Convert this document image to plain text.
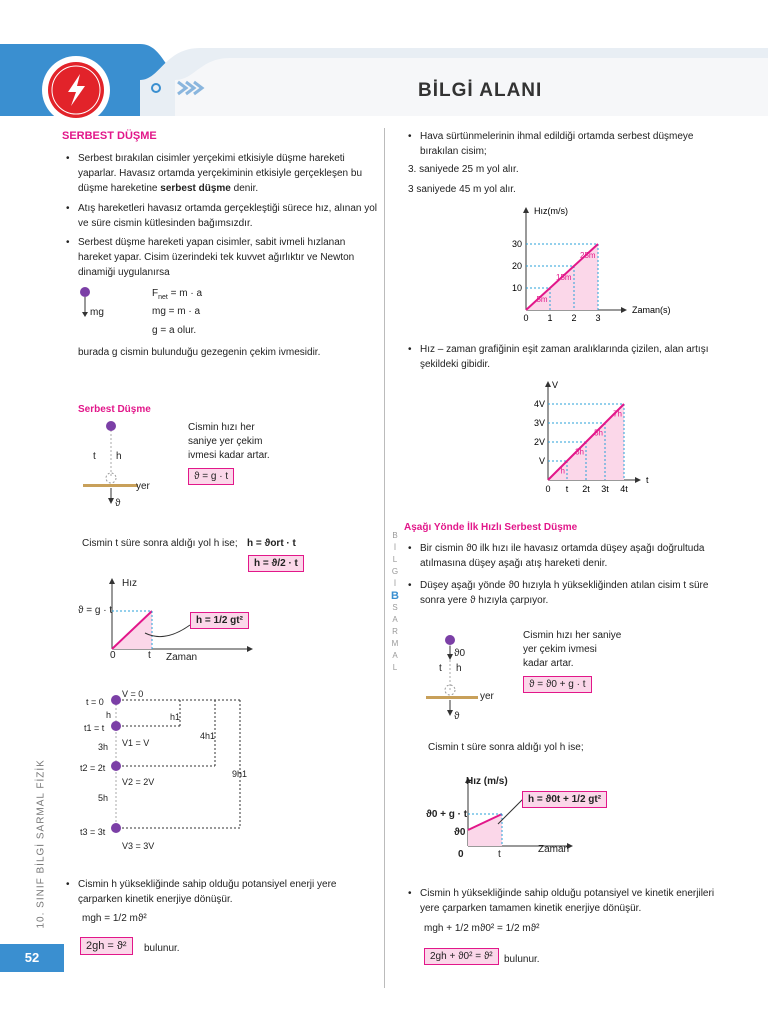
BİLGİ ALANI
SERBEST DÜŞME
• Serbest bırakılan cisimler yerçekimi etkisiyle düşme hareketi yaparlar. Havasız ortamda yerçekiminin etkisiyle gerçekleşen bu düşme hareketine serbest düşme denir.
• Atış hareketleri havasız ortamda gerçekleştiği sürece hız, alınan yol ve süre cismin kütlesinden bağımsızdır.
• Serbest düşme hareketi yapan cisimler, sabit ivmeli hızlanan hareket yapar. Cisim üzerindeki tek kuvvet ağırlıktır ve Newton dinamiği uygulanırsa
mg
$F_{net} = m \cdot a$
mg = m · a
g = a olur.
burada g cismin bulunduğu gezegenin çekim ivmesidir.
Serbest Düşme
t h
yer
ϑ
Cismin hızı her saniye yer çekim ivmesi kadar artar.
ϑ = g · t
Cismin t süre sonra aldığı yol h ise; h = ϑort · t
h = ϑ/2 · t
Hız
ϑ = g · t
0	t Zaman
h = 1/2 gt²
t = 0
V = 0
h
t1 = t
V1 = V
3h
t2 = 2t
V2 = 2V
5h
t3 = 3t
V3 = 3V
h1
4h1
9h1
• Cismin h yüksekliğinde sahip olduğu potansiyel enerji yere çarparken kinetik enerjiye dönüşür.
mgh = 1/2 mϑ²
2gh = ϑ²	bulunur.
10. SINIF BİLGİ SARMAL FİZİK
52
B
İ
L
G
İ
B
S
A
R
M
A
L
• Hava sürtünmelerinin ihmal edildiği ortamda serbest düşmeye bırakılan cisim;
3. saniyede 25 m yol alır.
3 saniyede 45 m yol alır.
10
20
30
0 1 2 3
5m
15m
25m
Hız(m/s)
Zaman(s)
• Hız – zaman grafiğinin eşit zaman aralıklarında çizilen, alan artışı şekildeki gibidir.
0 t 2t 3t 4t
V
2V
3V
4V
h
3h
5h
7h
V
t
Aşağı Yönde İlk Hızlı Serbest Düşme
• Bir cismin ϑ0 ilk hızı ile havasız ortamda düşey aşağı doğrultuda atılmasına düşey aşağı atış hareketi denir.
• Düşey aşağı yönde ϑ0 hızıyla h yüksekliğinden atılan cisim t süre sonra yere ϑ hızıyla çarpıyor.
ϑ0
t h
yer
ϑ
Cismin hızı her saniye yer çekim ivmesi kadar artar.
ϑ = ϑ0 + g · t
Cismin t süre sonra aldığı yol h ise;
Hız (m/s)
ϑ0 + g · t
ϑ0
0	t	Zaman
h = ϑ0t + 1/2 gt²
• Cismin h yüksekliğinde sahip olduğu potansiyel ve kinetik enerjileri yere çarparken tamamen kinetik enerjiye dönüşür.
mgh + 1/2 mϑ0² = 1/2 mϑ²
2gh + ϑ0² = ϑ²	bulunur.
